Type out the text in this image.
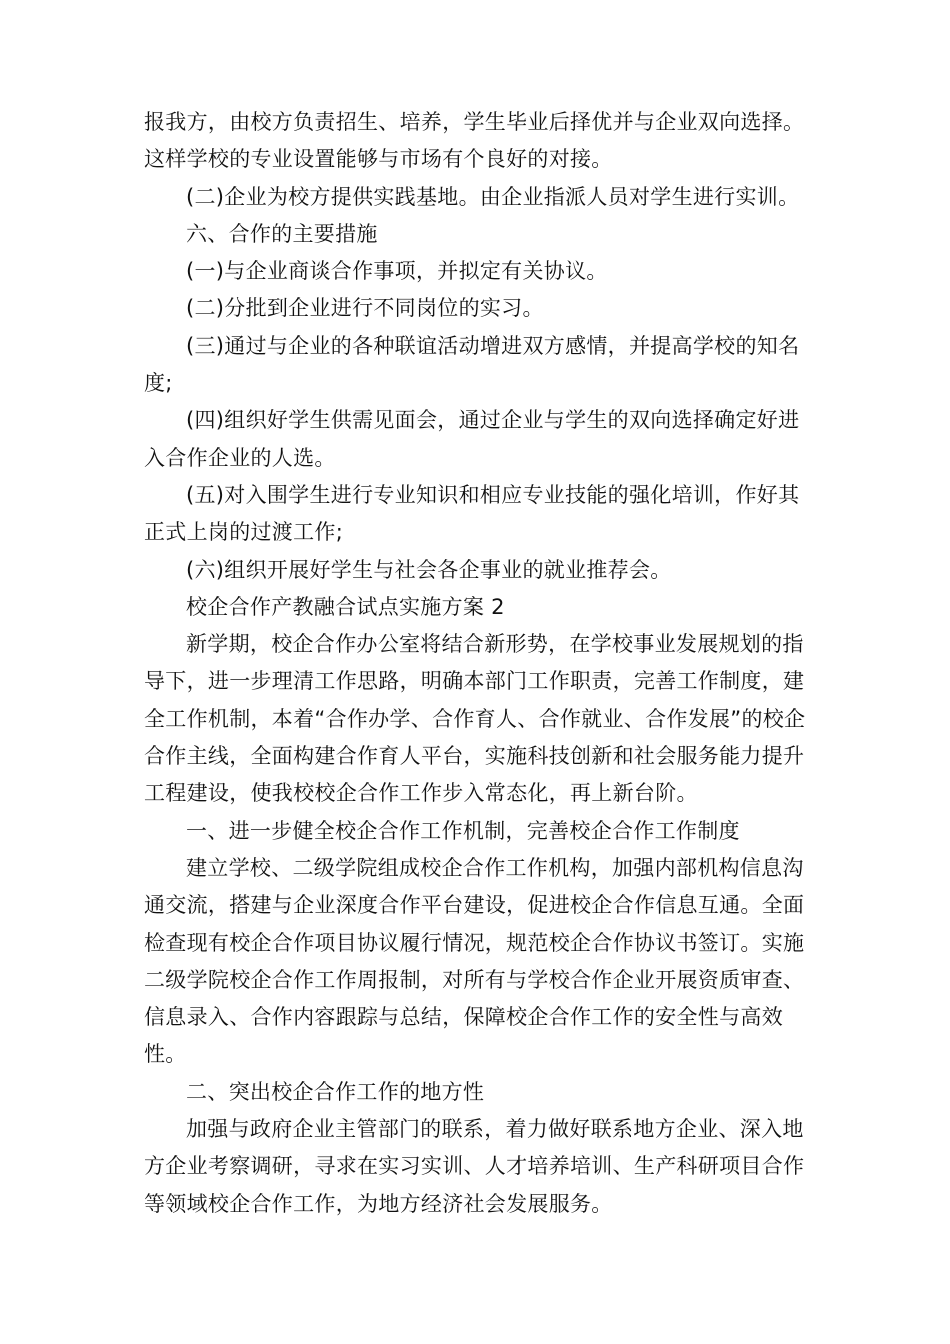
报我方，由校方负责招生、培养，学生毕业后择优并与企业双向选择。这样学校的专业设置能够与市场有个良好的对接。

(二)企业为校方提供实践基地。由企业指派人员对学生进行实训。

六、合作的主要措施

(一)与企业商谈合作事项，并拟定有关协议。

(二)分批到企业进行不同岗位的实习。

(三)通过与企业的各种联谊活动增进双方感情，并提高学校的知名度;

(四)组织好学生供需见面会，通过企业与学生的双向选择确定好进入合作企业的人选。

(五)对入围学生进行专业知识和相应专业技能的强化培训，作好其正式上岗的过渡工作;

(六)组织开展好学生与社会各企事业的就业推荐会。

校企合作产教融合试点实施方案 2

新学期，校企合作办公室将结合新形势，在学校事业发展规划的指导下，进一步理清工作思路，明确本部门工作职责，完善工作制度，建全工作机制，本着“合作办学、合作育人、合作就业、合作发展”的校企合作主线，全面构建合作育人平台，实施科技创新和社会服务能力提升工程建设，使我校校企合作工作步入常态化，再上新台阶。

一、进一步健全校企合作工作机制，完善校企合作工作制度

建立学校、二级学院组成校企合作工作机构，加强内部机构信息沟通交流，搭建与企业深度合作平台建设，促进校企合作信息互通。全面检查现有校企合作项目协议履行情况，规范校企合作协议书签订。实施二级学院校企合作工作周报制，对所有与学校合作企业开展资质审查、信息录入、合作内容跟踪与总结，保障校企合作工作的安全性与高效性。

二、突出校企合作工作的地方性

加强与政府企业主管部门的联系，着力做好联系地方企业、深入地方企业考察调研，寻求在实习实训、人才培养培训、生产科研项目合作等领域校企合作工作，为地方经济社会发展服务。
